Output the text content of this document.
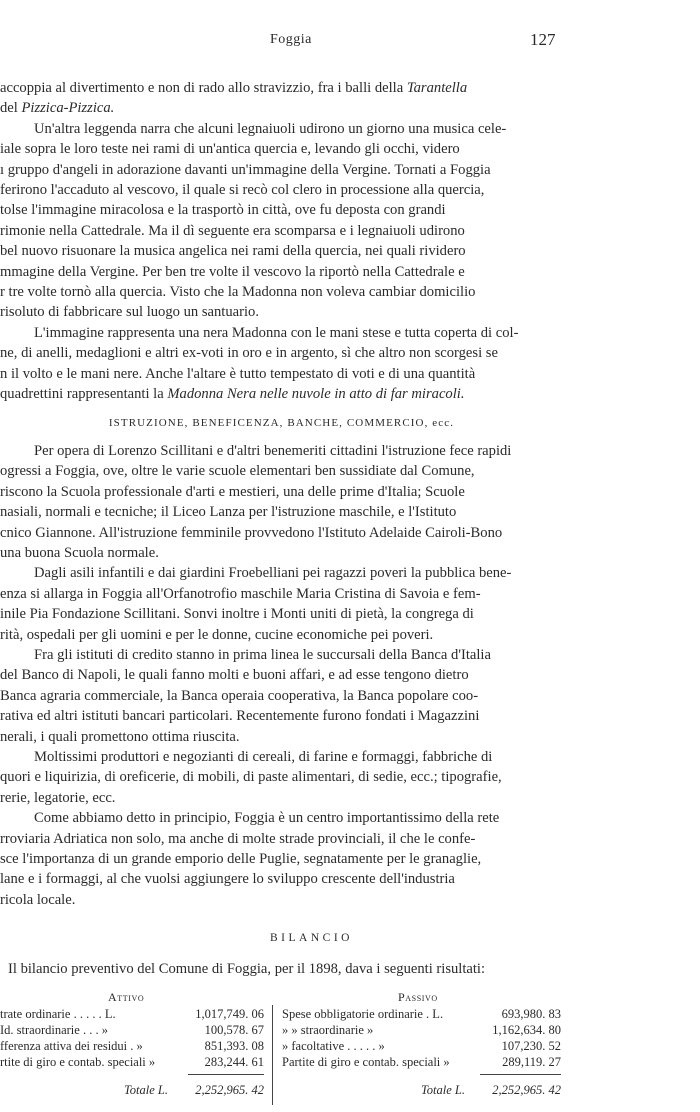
Foggia	127
accoppia al divertimento e non di rado allo stravizzio, fra i balli della Tarantella
del Pizzica-Pizzica.
Un'altra leggenda narra che alcuni legnaiuoli udirono un giorno una musica cele-
iale sopra le loro teste nei rami di un'antica quercia e, levando gli occhi, videro
ı gruppo d'angeli in adorazione davanti un'immagine della Vergine. Tornati a Foggia
ferirono l'accaduto al vescovo, il quale si recò col clero in processione alla quercia,
tolse l'immagine miracolosa e la trasportò in città, ove fu deposta con grandi
rimonie nella Cattedrale. Ma il dì seguente era scomparsa e i legnaiuoli udirono
bel nuovo risuonare la musica angelica nei rami della quercia, nei quali rividero
mmagine della Vergine. Per ben tre volte il vescovo la riportò nella Cattedrale e
r tre volte tornò alla quercia. Visto che la Madonna non voleva cambiar domicilio
risoluto di fabbricare sul luogo un santuario.
L'immagine rappresenta una nera Madonna con le mani stese e tutta coperta di col-
ne, di anelli, medaglioni e altri ex-voti in oro e in argento, sì che altro non scorgesi se
n il volto e le mani nere. Anche l'altare è tutto tempestato di voti e di una quantità
quadrettini rappresentanti la Madonna Nera nelle nuvole in atto di far miracoli.
ISTRUZIONE, BENEFICENZA, BANCHE, COMMERCIO, ecc.
Per opera di Lorenzo Scillitani e d'altri benemeriti cittadini l'istruzione fece rapidi
ogressi a Foggia, ove, oltre le varie scuole elementari ben sussidiate dal Comune,
riscono la Scuola professionale d'arti e mestieri, una delle prime d'Italia; Scuole
nasiali, normali e tecniche; il Liceo Lanza per l'istruzione maschile, e l'Istituto
cnico Giannone. All'istruzione femminile provvedono l'Istituto Adelaide Cairoli-Bono
una buona Scuola normale.
Dagli asili infantili e dai giardini Froebelliani pei ragazzi poveri la pubblica bene-
enza si allarga in Foggia all'Orfanotrofio maschile Maria Cristina di Savoia e fem-
inile Pia Fondazione Scillitani. Sonvi inoltre i Monti uniti di pietà, la congrega di
rità, ospedali per gli uomini e per le donne, cucine economiche pei poveri.
Fra gli istituti di credito stanno in prima linea le succursali della Banca d'Italia
del Banco di Napoli, le quali fanno molti e buoni affari, e ad esse tengono dietro
Banca agraria commerciale, la Banca operaia cooperativa, la Banca popolare coo-
rativa ed altri istituti bancari particolari. Recentemente furono fondati i Magazzini
nerali, i quali promettono ottima riuscita.
Moltissimi produttori e negozianti di cereali, di farine e formaggi, fabbriche di
quori e liquirizia, di oreficerie, di mobili, di paste alimentari, di sedie, ecc.; tipografie,
rerie, legatorie, ecc.
Come abbiamo detto in principio, Foggia è un centro importantissimo della rete
rroviaria Adriatica non solo, ma anche di molte strade provinciali, il che le confe-
sce l'importanza di un grande emporio delle Puglie, segnatamente per le granaglie,
lane e i formaggi, al che vuolsi aggiungere lo sviluppo crescente dell'industria
ricola locale.
BILANCIO
Il bilancio preventivo del Comune di Foggia, per il 1898, dava i seguenti risultati:
Attivo	Passivo
trate ordinarie . . . . . L.	1,017,749. 06
Id. straordinarie . . . »	100,578. 67
fferenza attiva dei residui . »	851,393. 08
rtite di giro e contab. speciali »	283,244. 61
Totale L. 2,252,965. 42
Spese obbligatorie ordinarie . L.	693,980. 83
» » straordinarie »	1,162,634. 80
» facoltative . . . . . »	107,230. 52
Partite di giro e contab. speciali »	289,119. 27
Totale L. 2,252,965. 42
